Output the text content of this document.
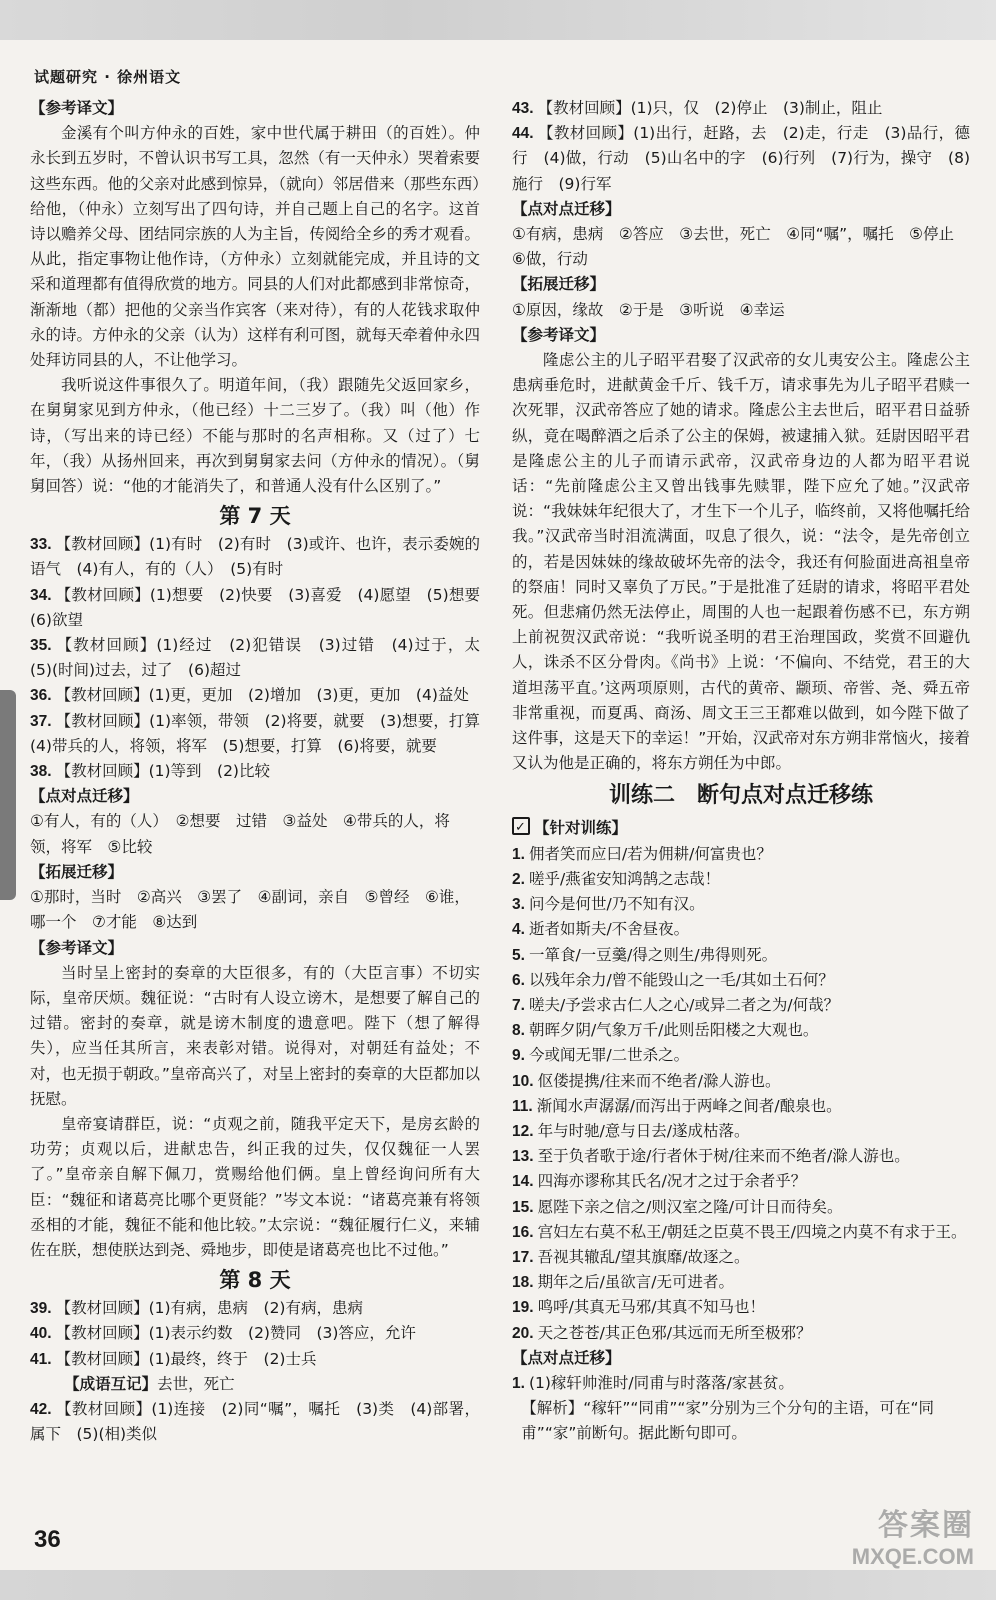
试题研究 · 徐州语文

【参考译文】

金溪有个叫方仲永的百姓，家中世代属于耕田（的百姓）。仲永长到五岁时，不曾认识书写工具，忽然（有一天仲永）哭着索要这些东西。他的父亲对此感到惊异，（就向）邻居借来（那些东西）给他，（仲永）立刻写出了四句诗，并自己题上自己的名字。这首诗以赡养父母、团结同宗族的人为主旨，传阅给全乡的秀才观看。从此，指定事物让他作诗，（方仲永）立刻就能完成，并且诗的文采和道理都有值得欣赏的地方。同县的人们对此都感到非常惊奇，渐渐地（都）把他的父亲当作宾客（来对待），有的人花钱求取仲永的诗。方仲永的父亲（认为）这样有利可图，就每天牵着仲永四处拜访同县的人，不让他学习。

我听说这件事很久了。明道年间，（我）跟随先父返回家乡，在舅舅家见到方仲永，（他已经）十二三岁了。（我）叫（他）作诗，（写出来的诗已经）不能与那时的名声相称。又（过了）七年，（我）从扬州回来，再次到舅舅家去问（方仲永的情况）。（舅舅回答）说：“他的才能消失了，和普通人没有什么区别了。”

第 7 天

33. 【教材回顾】(1)有时　(2)有时　(3)或许、也许，表示委婉的语气　(4)有人，有的（人）　(5)有时

34. 【教材回顾】(1)想要　(2)快要　(3)喜爱　(4)愿望　(5)想要　(6)欲望

35. 【教材回顾】(1)经过　(2)犯错误　(3)过错　(4)过于，太　(5)(时间)过去，过了　(6)超过

36. 【教材回顾】(1)更，更加　(2)增加　(3)更，更加　(4)益处

37. 【教材回顾】(1)率领，带领　(2)将要，就要　(3)想要，打算　(4)带兵的人，将领，将军　(5)想要，打算　(6)将要，就要

38. 【教材回顾】(1)等到　(2)比较

【点对点迁移】

①有人，有的（人）　②想要　过错　③益处　④带兵的人，将领，将军　⑤比较

【拓展迁移】

①那时，当时　②高兴　③罢了　④副词，亲自　⑤曾经　⑥谁，哪一个　⑦才能　⑧达到

【参考译文】

当时呈上密封的奏章的大臣很多，有的（大臣言事）不切实际，皇帝厌烦。魏征说：“古时有人设立谤木，是想要了解自己的过错。密封的奏章，就是谤木制度的遗意吧。陛下（想了解得失），应当任其所言，来表彰对错。说得对，对朝廷有益处；不对，也无损于朝政。”皇帝高兴了，对呈上密封的奏章的大臣都加以抚慰。

皇帝宴请群臣，说：“贞观之前，随我平定天下，是房玄龄的功劳；贞观以后，进献忠告，纠正我的过失，仅仅魏征一人罢了。”皇帝亲自解下佩刀，赏赐给他们俩。皇上曾经询问所有大臣：“魏征和诸葛亮比哪个更贤能？”岑文本说：“诸葛亮兼有将领丞相的才能，魏征不能和他比较。”太宗说：“魏征履行仁义，来辅佐在朕，想使朕达到尧、舜地步，即使是诸葛亮也比不过他。”

第 8 天

39. 【教材回顾】(1)有病，患病　(2)有病，患病

40. 【教材回顾】(1)表示约数　(2)赞同　(3)答应，允许

41. 【教材回顾】(1)最终，终于　(2)士兵

【成语互记】去世，死亡

42. 【教材回顾】(1)连接　(2)同“嘱”，嘱托　(3)类　(4)部署，属下　(5)(相)类似

43. 【教材回顾】(1)只，仅　(2)停止　(3)制止，阻止

44. 【教材回顾】(1)出行，赶路，去　(2)走，行走　(3)品行，德行　(4)做，行动　(5)山名中的字　(6)行列　(7)行为，操守　(8)施行　(9)行军

【点对点迁移】

①有病，患病　②答应　③去世，死亡　④同“嘱”，嘱托　⑤停止　⑥做，行动

【拓展迁移】

①原因，缘故　②于是　③听说　④幸运

【参考译文】

隆虑公主的儿子昭平君娶了汉武帝的女儿夷安公主。隆虑公主患病垂危时，进献黄金千斤、钱千万，请求事先为儿子昭平君赎一次死罪，汉武帝答应了她的请求。隆虑公主去世后，昭平君日益骄纵，竟在喝醉酒之后杀了公主的保姆，被逮捕入狱。廷尉因昭平君是隆虑公主的儿子而请示武帝，汉武帝身边的人都为昭平君说话：“先前隆虑公主又曾出钱事先赎罪，陛下应允了她。”汉武帝说：“我妹妹年纪很大了，才生下一个儿子，临终前，又将他嘱托给我。”汉武帝当时泪流满面，叹息了很久，说：“法令，是先帝创立的，若是因妹妹的缘故破坏先帝的法令，我还有何脸面进高祖皇帝的祭庙！同时又辜负了万民。”于是批准了廷尉的请求，将昭平君处死。但悲痛仍然无法停止，周围的人也一起跟着伤感不已，东方朔上前祝贺汉武帝说：“我听说圣明的君王治理国政，奖赏不回避仇人，诛杀不区分骨肉。《尚书》上说：‘不偏向、不结党，君王的大道坦荡平直。’这两项原则，古代的黄帝、颛顼、帝喾、尧、舜五帝非常重视，而夏禹、商汤、周文王三王都难以做到，如今陛下做了这件事，这是天下的幸运！”开始，汉武帝对东方朔非常恼火，接着又认为他是正确的，将东方朔任为中郎。

训练二　断句点对点迁移练

✓【针对训练】

1. 佣者笑而应曰/若为佣耕/何富贵也？

2. 嗟乎/燕雀安知鸿鹄之志哉！

3. 问今是何世/乃不知有汉。

4. 逝者如斯夫/不舍昼夜。

5. 一箪食/一豆羹/得之则生/弗得则死。

6. 以残年余力/曾不能毁山之一毛/其如土石何？

7. 嗟夫/予尝求古仁人之心/或异二者之为/何哉？

8. 朝晖夕阴/气象万千/此则岳阳楼之大观也。

9. 今或闻无罪/二世杀之。

10. 伛偻提携/往来而不绝者/滁人游也。

11. 渐闻水声潺潺/而泻出于两峰之间者/酿泉也。

12. 年与时驰/意与日去/遂成枯落。

13. 至于负者歌于途/行者休于树/往来而不绝者/滁人游也。

14. 四海亦谬称其氏名/况才之过于余者乎？

15. 愿陛下亲之信之/则汉室之隆/可计日而待矣。

16. 宫妇左右莫不私王/朝廷之臣莫不畏王/四境之内莫不有求于王。

17. 吾视其辙乱/望其旗靡/故逐之。

18. 期年之后/虽欲言/无可进者。

19. 鸣呼/其真无马邪/其真不知马也！

20. 天之苍苍/其正色邪/其远而无所至极邪？

【点对点迁移】

1. (1)稼轩帅淮时/同甫与时落落/家甚贫。

【解析】“稼轩”“同甫”“家”分别为三个分句的主语，可在“同甫”“家”前断句。据此断句即可。

36	答案圈
MXQE.COM
